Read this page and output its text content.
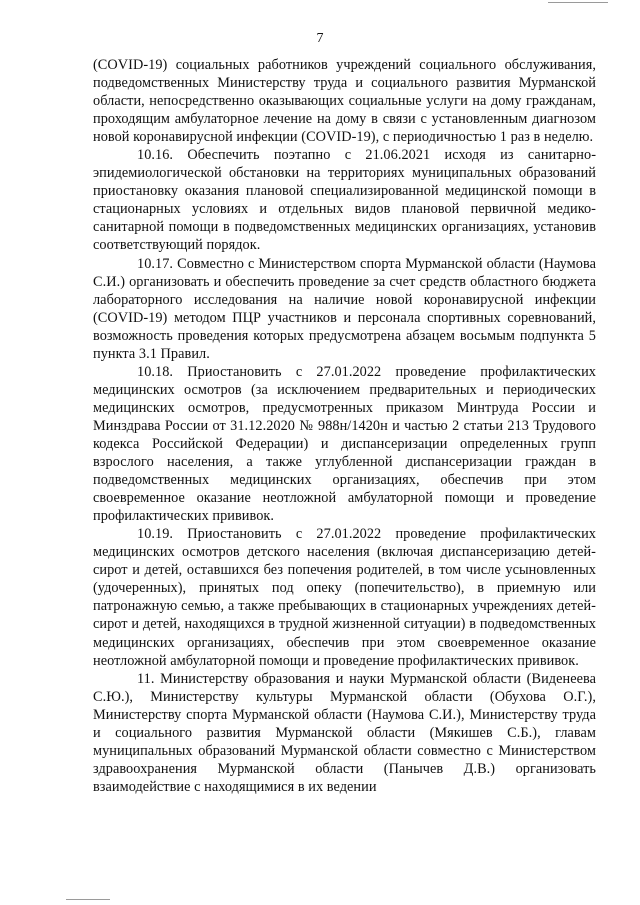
7

(COVID-19) социальных работников учреждений социального обслуживания, подведомственных Министерству труда и социального развития Мурманской области, непосредственно оказывающих социальные услуги на дому гражданам, проходящим амбулаторное лечение на дому в связи с установленным диагнозом новой коронавирусной инфекции (COVID-19), с периодичностью 1 раз в неделю.

10.16. Обеспечить поэтапно с 21.06.2021 исходя из санитарно-эпидемиологической обстановки на территориях муниципальных образований приостановку оказания плановой специализированной медицинской помощи в стационарных условиях и отдельных видов плановой первичной медико-санитарной помощи в подведомственных медицинских организациях, установив соответствующий порядок.

10.17. Совместно с Министерством спорта Мурманской области (Наумова С.И.) организовать и обеспечить проведение за счет средств областного бюджета лабораторного исследования на наличие новой коронавирусной инфекции (COVID-19) методом ПЦР участников и персонала спортивных соревнований, возможность проведения которых предусмотрена абзацем восьмым подпункта 5 пункта 3.1 Правил.

10.18. Приостановить с 27.01.2022 проведение профилактических медицинских осмотров (за исключением предварительных и периодических медицинских осмотров, предусмотренных приказом Минтруда России и Минздрава России от 31.12.2020 № 988н/1420н и частью 2 статьи 213 Трудового кодекса Российской Федерации) и диспансеризации определенных групп взрослого населения, а также углубленной диспансеризации граждан в подведомственных медицинских организациях, обеспечив при этом своевременное оказание неотложной амбулаторной помощи и проведение профилактических прививок.

10.19. Приостановить с 27.01.2022 проведение профилактических медицинских осмотров детского населения (включая диспансеризацию детей-сирот и детей, оставшихся без попечения родителей, в том числе усыновленных (удочеренных), принятых под опеку (попечительство), в приемную или патронажную семью, а также пребывающих в стационарных учреждениях детей-сирот и детей, находящихся в трудной жизненной ситуации) в подведомственных медицинских организациях, обеспечив при этом своевременное оказание неотложной амбулаторной помощи и проведение профилактических прививок.

11. Министерству образования и науки Мурманской области (Виденеева С.Ю.), Министерству культуры Мурманской области (Обухова О.Г.), Министерству спорта Мурманской области (Наумова С.И.), Министерству труда и социального развития Мурманской области (Мякишев С.Б.), главам муниципальных образований Мурманской области совместно с Министерством здравоохранения Мурманской области (Панычев Д.В.) организовать взаимодействие с находящимися в их ведении
